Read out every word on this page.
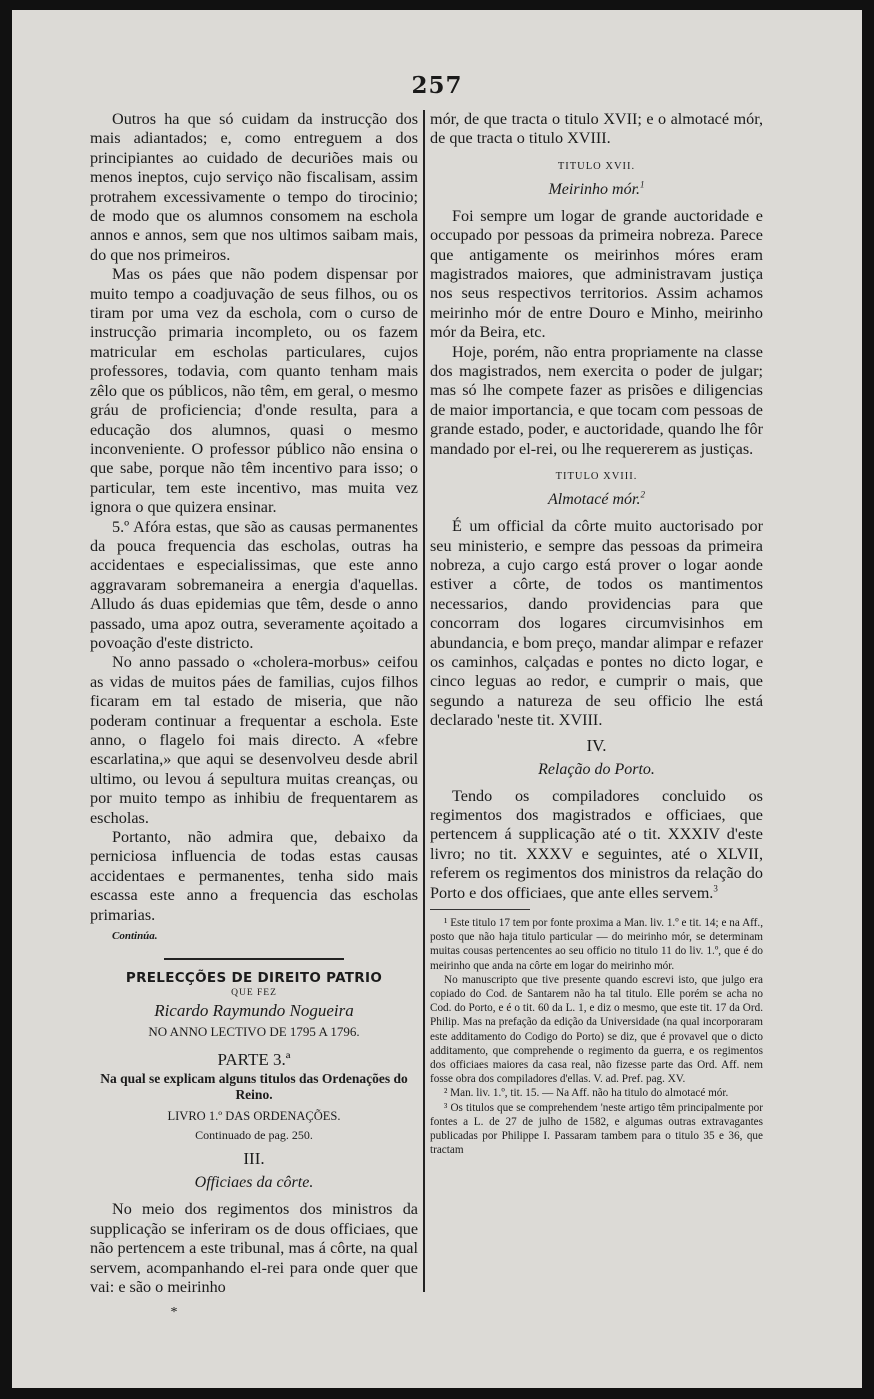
257

Outros ha que só cuidam da instrucção dos mais adiantados; e, como entreguem a dos principiantes ao cuidado de decuriões mais ou menos ineptos, cujo serviço não fiscalisam, assim protrahem excessivamente o tempo do tirocinio; de modo que os alumnos consomem na eschola annos e annos, sem que nos ultimos saibam mais, do que nos primeiros.

Mas os páes que não podem dispensar por muito tempo a coadjuvação de seus filhos, ou os tiram por uma vez da eschola, com o curso de instrucção primaria incompleto, ou os fazem matricular em escholas particulares, cujos professores, todavia, com quanto tenham mais zêlo que os públicos, não têm, em geral, o mesmo gráu de proficiencia; d'onde resulta, para a educação dos alumnos, quasi o mesmo inconveniente. O professor público não ensina o que sabe, porque não têm incentivo para isso; o particular, tem este incentivo, mas muita vez ignora o que quizera ensinar.

5.º Afóra estas, que são as causas permanentes da pouca frequencia das escholas, outras ha accidentaes e especialissimas, que este anno aggravaram sobremaneira a energia d'aquellas. Alludo ás duas epidemias que têm, desde o anno passado, uma apoz outra, severamente açoitado a povoação d'este districto.

No anno passado o «cholera-morbus» ceifou as vidas de muitos páes de familias, cujos filhos ficaram em tal estado de miseria, que não poderam continuar a frequentar a eschola. Este anno, o flagelo foi mais directo. A «febre escarlatina,» que aqui se desenvolveu desde abril ultimo, ou levou á sepultura muitas creanças, ou por muito tempo as inhibiu de frequentarem as escholas.

Portanto, não admira que, debaixo da perniciosa influencia de todas estas causas accidentaes e permanentes, tenha sido mais escassa este anno a frequencia das escholas primarias.

Continúa.
PRELECÇÕES DE DIREITO PATRIO
QUE FEZ
Ricardo Raymundo Nogueira
NO ANNO LECTIVO DE 1795 A 1796.
PARTE 3.ª
Na qual se explicam alguns titulos das Ordenações do Reino.
LIVRO 1.º DAS ORDENAÇÕES.
Continuado de pag. 250.
III.
Officiaes da côrte.

No meio dos regimentos dos ministros da supplicação se inferiram os de dous officiaes, que não pertencem a este tribunal, mas á côrte, na qual servem, acompanhando el-rei para onde quer que vai: e são o meirinho

*

mór, de que tracta o titulo XVII; e o almotacé mór, de que tracta o titulo XVIII.

TITULO XVII.
Meirinho mór.$^1$

Foi sempre um logar de grande auctoridade e occupado por pessoas da primeira nobreza. Parece que antigamente os meirinhos móres eram magistrados maiores, que administravam justiça nos seus respectivos territorios. Assim achamos meirinho mór de entre Douro e Minho, meirinho mór da Beira, etc.

Hoje, porém, não entra propriamente na classe dos magistrados, nem exercita o poder de julgar; mas só lhe compete fazer as prisões e diligencias de maior importancia, e que tocam com pessoas de grande estado, poder, e auctoridade, quando lhe fôr mandado por el-rei, ou lhe requererem as justiças.

TITULO XVIII.
Almotacé mór.$^2$

É um official da côrte muito auctorisado por seu ministerio, e sempre das pessoas da primeira nobreza, a cujo cargo está prover o logar aonde estiver a côrte, de todos os mantimentos necessarios, dando providencias para que concorram dos logares circumvisinhos em abundancia, e bom preço, mandar alimpar e refazer os caminhos, calçadas e pontes no dicto logar, e cinco leguas ao redor, e cumprir o mais, que segundo a natureza de seu officio lhe está declarado 'neste tit. XVIII.

IV.
Relação do Porto.

Tendo os compiladores concluido os regimentos dos magistrados e officiaes, que pertencem á supplicação até o tit. XXXIV d'este livro; no tit. XXXV e seguintes, até o XLVII, referem os regimentos dos ministros da relação do Porto e dos officiaes, que ante elles servem.$^3$

¹ Este titulo 17 tem por fonte proxima a Man. liv. 1.º e tit. 14; e na Aff., posto que não haja titulo particular — do meirinho mór, se determinam muitas cousas pertencentes ao seu officio no titulo 11 do liv. 1.º, que é do meirinho que anda na côrte em logar do meirinho mór.

No manuscripto que tive presente quando escrevi isto, que julgo era copiado do Cod. de Santarem não ha tal titulo. Elle porém se acha no Cod. do Porto, e é o tit. 60 da L. 1, e diz o mesmo, que este tit. 17 da Ord. Philip. Mas na prefação da edição da Universidade (na qual incorporaram este additamento do Codigo do Porto) se diz, que é provavel que o dicto additamento, que comprehende o regimento da guerra, e os regimentos dos officiaes maiores da casa real, não fizesse parte das Ord. Aff. nem fosse obra dos compiladores d'ellas. V. ad. Pref. pag. XV.

² Man. liv. 1.º, tit. 15. — Na Aff. não ha titulo do almotacé mór.

³ Os titulos que se comprehendem 'neste artigo têm principalmente por fontes a L. de 27 de julho de 1582, e algumas outras extravagantes publicadas por Philippe I. Passaram tambem para o titulo 35 e 36, que tractam
